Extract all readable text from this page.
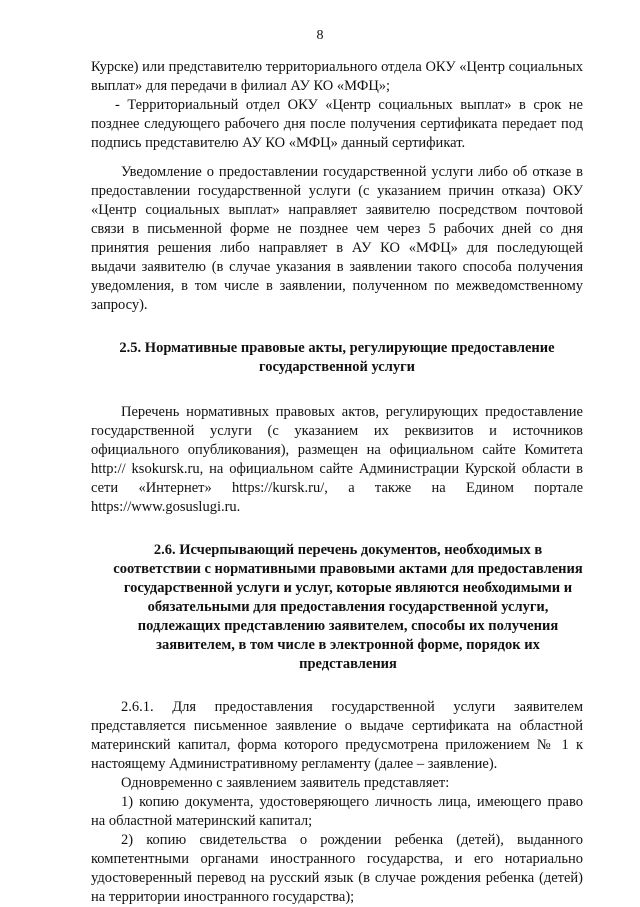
8

Курске) или представителю территориального отдела ОКУ «Центр социальных выплат» для передачи в филиал АУ КО «МФЦ»;

- Территориальный отдел ОКУ «Центр социальных выплат» в срок не позднее следующего рабочего дня после получения сертификата передает под подпись представителю АУ КО «МФЦ» данный сертификат.

Уведомление о предоставлении государственной услуги либо об отказе в предоставлении государственной услуги (с указанием причин отказа) ОКУ «Центр социальных выплат» направляет заявителю посредством почтовой связи в письменной форме не позднее чем через 5 рабочих дней со дня принятия решения либо направляет в АУ КО «МФЦ» для последующей выдачи заявителю (в случае указания в заявлении такого способа получения уведомления, в том числе в заявлении, полученном по межведомственному запросу).

2.5. Нормативные правовые акты, регулирующие предоставление государственной услуги

Перечень нормативных правовых актов, регулирующих предоставление государственной услуги (с указанием их реквизитов и источников официального опубликования), размещен на официальном сайте Комитета http:// ksokursk.ru, на официальном сайте Администрации Курской области в сети «Интернет» https://kursk.ru/, а также на Едином портале https://www.gosuslugi.ru.

2.6. Исчерпывающий перечень документов, необходимых в соответствии с нормативными правовыми актами для предоставления государственной услуги и услуг, которые являются необходимыми и обязательными для предоставления государственной услуги, подлежащих представлению заявителем, способы их получения заявителем, в том числе в электронной форме, порядок их представления

2.6.1. Для предоставления государственной услуги заявителем представляется письменное заявление о выдаче сертификата на областной материнский капитал, форма которого предусмотрена приложением № 1 к настоящему Административному регламенту (далее – заявление).

Одновременно с заявлением заявитель представляет:

1) копию документа, удостоверяющего личность лица, имеющего право на областной материнский капитал;

2) копию свидетельства о рождении ребенка (детей), выданного компетентными органами иностранного государства, и его нотариально удостоверенный перевод на русский язык (в случае рождения ребенка (детей) на территории иностранного государства);
